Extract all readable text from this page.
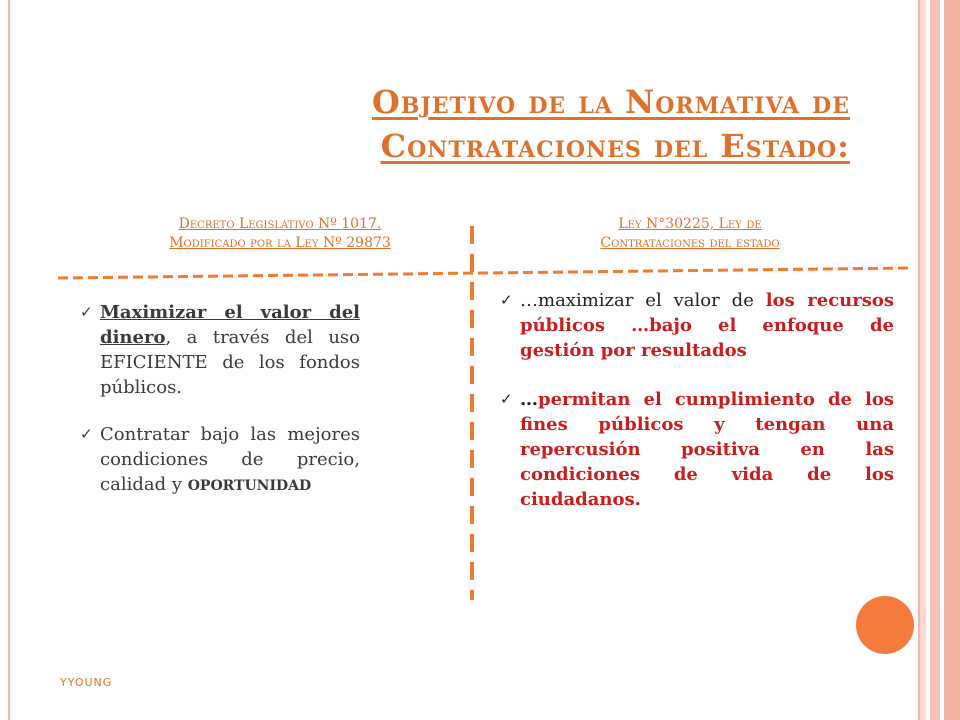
Objetivo de la Normativa de
Contrataciones del Estado:
Decreto Legislativo Nº 1017.
Modificado por la Ley Nº 29873
Ley N°30225, Ley de
Contrataciones del estado
✓ Maximizar el valor del dinero, a través del uso EFICIENTE de los fondos públicos.
✓ Contratar bajo las mejores condiciones de precio, calidad y OPORTUNIDAD
✓ …maximizar el valor de los recursos públicos …bajo el enfoque de gestión por resultados
✓ …permitan el cumplimiento de los fines públicos y tengan una repercusión positiva en las condiciones de vida de los ciudadanos.
YYOUNG
